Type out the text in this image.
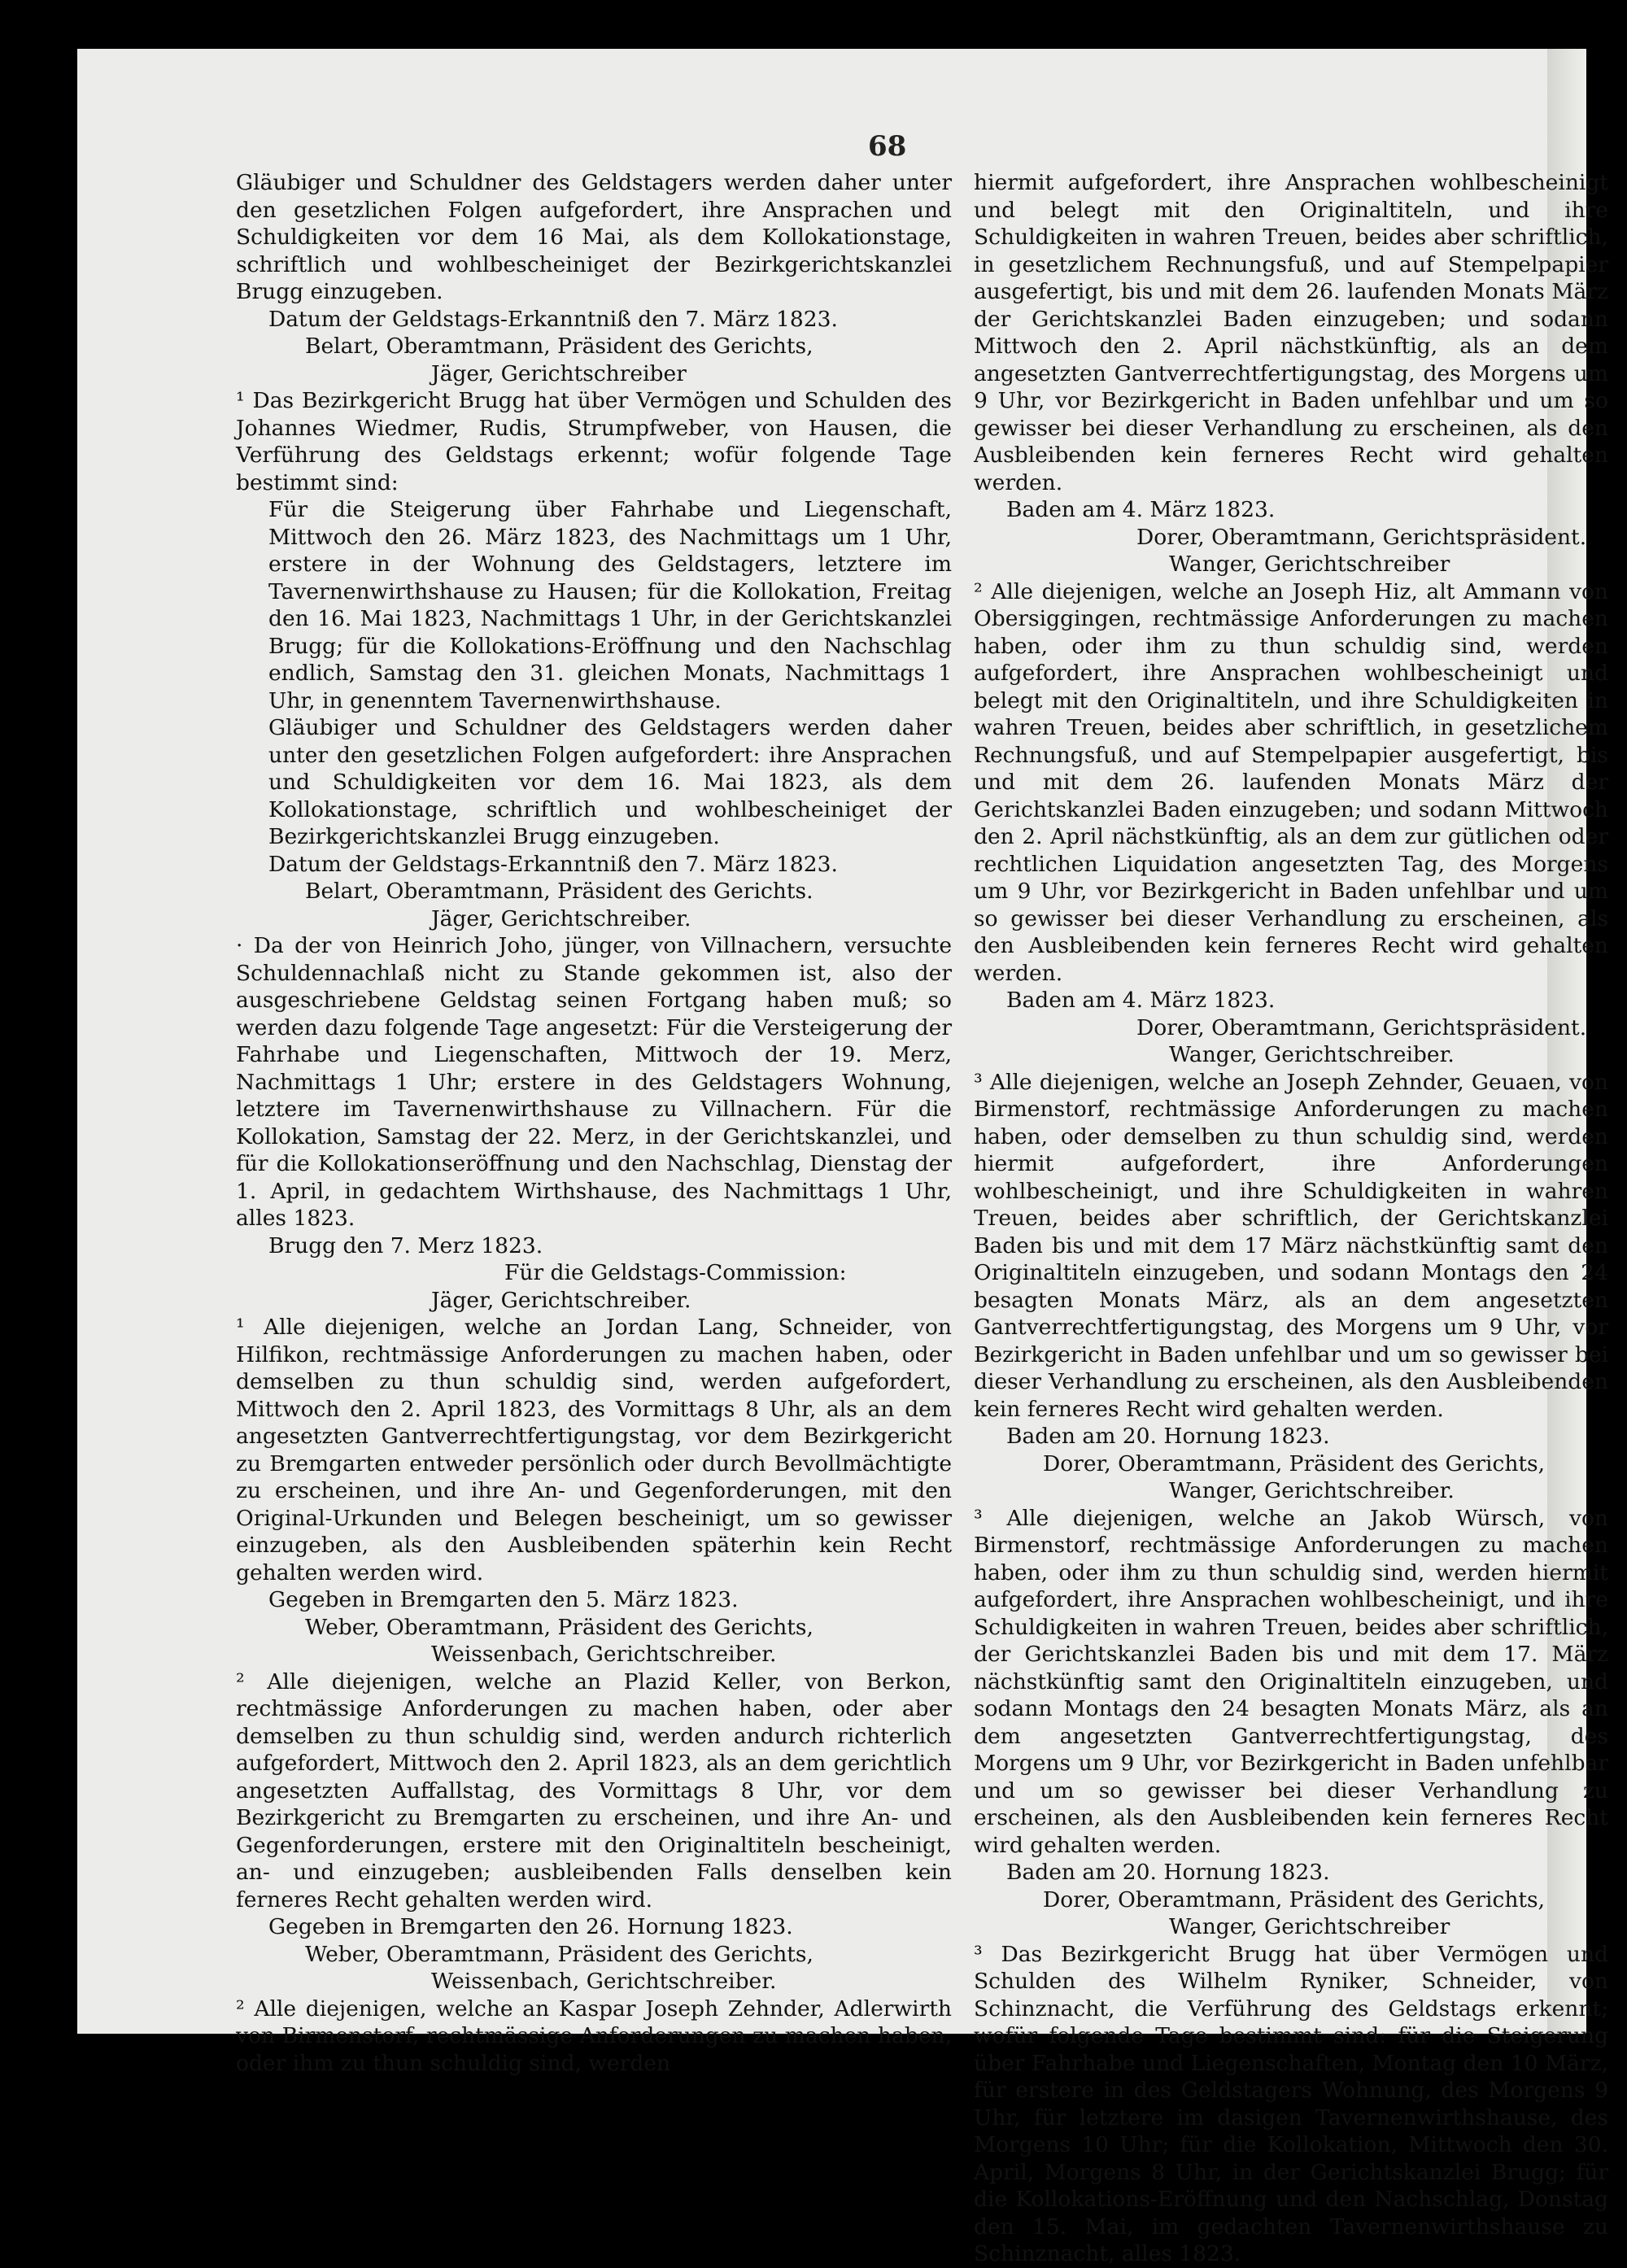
68

Gläubiger und Schuldner des Geldstagers werden daher unter den gesetzlichen Folgen aufgefordert, ihre Ansprachen und Schuldigkeiten vor dem 16 Mai, als dem Kollokationstage, schriftlich und wohlbescheiniget der Bezirkgerichtskanzlei Brugg einzugeben.

Datum der Geldstags-Erkanntniß den 7. März 1823.

Belart, Oberamtmann, Präsident des Gerichts,

Jäger, Gerichtschreiber

¹ Das Bezirkgericht Brugg hat über Vermögen und Schulden des Johannes Wiedmer, Rudis, Strumpfweber, von Hausen, die Verführung des Geldstags erkennt; wofür folgende Tage bestimmt sind:

Für die Steigerung über Fahrhabe und Liegenschaft, Mittwoch den 26. März 1823, des Nachmittags um 1 Uhr, erstere in der Wohnung des Geldstagers, letztere im Tavernenwirthshause zu Hausen; für die Kollokation, Freitag den 16. Mai 1823, Nachmittags 1 Uhr, in der Gerichtskanzlei Brugg; für die Kollokations-Eröffnung und den Nachschlag endlich, Samstag den 31. gleichen Monats, Nachmittags 1 Uhr, in genenntem Tavernenwirthshause.

Gläubiger und Schuldner des Geldstagers werden daher unter den gesetzlichen Folgen aufgefordert: ihre Ansprachen und Schuldigkeiten vor dem 16. Mai 1823, als dem Kollokationstage, schriftlich und wohlbescheiniget der Bezirkgerichtskanzlei Brugg einzugeben.

Datum der Geldstags-Erkanntniß den 7. März 1823.

Belart, Oberamtmann, Präsident des Gerichts.

Jäger, Gerichtschreiber.

· Da der von Heinrich Joho, jünger, von Villnachern, versuchte Schuldennachlaß nicht zu Stande gekommen ist, also der ausgeschriebene Geldstag seinen Fortgang haben muß; so werden dazu folgende Tage angesetzt: Für die Versteigerung der Fahrhabe und Liegenschaften, Mittwoch der 19. Merz, Nachmittags 1 Uhr; erstere in des Geldstagers Wohnung, letztere im Tavernenwirthshause zu Villnachern. Für die Kollokation, Samstag der 22. Merz, in der Gerichtskanzlei, und für die Kollokationseröffnung und den Nachschlag, Dienstag der 1. April, in gedachtem Wirthshause, des Nachmittags 1 Uhr, alles 1823.

Brugg den 7. Merz 1823.

Für die Geldstags-Commission:

Jäger, Gerichtschreiber.

¹ Alle diejenigen, welche an Jordan Lang, Schneider, von Hilfikon, rechtmässige Anforderungen zu machen haben, oder demselben zu thun schuldig sind, werden aufgefordert, Mittwoch den 2. April 1823, des Vormittags 8 Uhr, als an dem angesetzten Gantverrechtfertigungstag, vor dem Bezirkgericht zu Bremgarten entweder persönlich oder durch Bevollmächtigte zu erscheinen, und ihre An- und Gegenforderungen, mit den Original-Urkunden und Belegen bescheinigt, um so gewisser einzugeben, als den Ausbleibenden späterhin kein Recht gehalten werden wird.

Gegeben in Bremgarten den 5. März 1823.

Weber, Oberamtmann, Präsident des Gerichts,

Weissenbach, Gerichtschreiber.

² Alle diejenigen, welche an Plazid Keller, von Berkon, rechtmässige Anforderungen zu machen haben, oder aber demselben zu thun schuldig sind, werden andurch richterlich aufgefordert, Mittwoch den 2. April 1823, als an dem gerichtlich angesetzten Auffallstag, des Vormittags 8 Uhr, vor dem Bezirkgericht zu Bremgarten zu erscheinen, und ihre An- und Gegenforderungen, erstere mit den Originaltiteln bescheinigt, an- und einzugeben; ausbleibenden Falls denselben kein ferneres Recht gehalten werden wird.

Gegeben in Bremgarten den 26. Hornung 1823.

Weber, Oberamtmann, Präsident des Gerichts,

Weissenbach, Gerichtschreiber.

² Alle diejenigen, welche an Kaspar Joseph Zehnder, Adlerwirth von Birmenstorf, rechtmässige Anforderungen zu machen haben, oder ihm zu thun schuldig sind, werden

hiermit aufgefordert, ihre Ansprachen wohlbescheinigt und belegt mit den Originaltiteln, und ihre Schuldigkeiten in wahren Treuen, beides aber schriftlich, in gesetzlichem Rechnungsfuß, und auf Stempelpapier ausgefertigt, bis und mit dem 26. laufenden Monats März der Gerichtskanzlei Baden einzugeben; und sodann Mittwoch den 2. April nächstkünftig, als an dem angesetzten Gantverrechtfertigungstag, des Morgens um 9 Uhr, vor Bezirkgericht in Baden unfehlbar und um so gewisser bei dieser Verhandlung zu erscheinen, als den Ausbleibenden kein ferneres Recht wird gehalten werden.

Baden am 4. März 1823.

Dorer, Oberamtmann, Gerichtspräsident.

Wanger, Gerichtschreiber

² Alle diejenigen, welche an Joseph Hiz, alt Ammann von Obersiggingen, rechtmässige Anforderungen zu machen haben, oder ihm zu thun schuldig sind, werden aufgefordert, ihre Ansprachen wohlbescheinigt und belegt mit den Originaltiteln, und ihre Schuldigkeiten in wahren Treuen, beides aber schriftlich, in gesetzlichem Rechnungsfuß, und auf Stempelpapier ausgefertigt, bis und mit dem 26. laufenden Monats März der Gerichtskanzlei Baden einzugeben; und sodann Mittwoch den 2. April nächstkünftig, als an dem zur gütlichen oder rechtlichen Liquidation angesetzten Tag, des Morgens um 9 Uhr, vor Bezirkgericht in Baden unfehlbar und um so gewisser bei dieser Verhandlung zu erscheinen, als den Ausbleibenden kein ferneres Recht wird gehalten werden.

Baden am 4. März 1823.

Dorer, Oberamtmann, Gerichtspräsident.

Wanger, Gerichtschreiber.

³ Alle diejenigen, welche an Joseph Zehnder, Geuaen, von Birmenstorf, rechtmässige Anforderungen zu machen haben, oder demselben zu thun schuldig sind, werden hiermit aufgefordert, ihre Anforderungen wohlbescheinigt, und ihre Schuldigkeiten in wahren Treuen, beides aber schriftlich, der Gerichtskanzlei Baden bis und mit dem 17 März nächstkünftig samt den Originaltiteln einzugeben, und sodann Montags den 24 besagten Monats März, als an dem angesetzten Gantverrechtfertigungstag, des Morgens um 9 Uhr, vor Bezirkgericht in Baden unfehlbar und um so gewisser bei dieser Verhandlung zu erscheinen, als den Ausbleibenden kein ferneres Recht wird gehalten werden.

Baden am 20. Hornung 1823.

Dorer, Oberamtmann, Präsident des Gerichts,

Wanger, Gerichtschreiber.

³ Alle diejenigen, welche an Jakob Würsch, von Birmenstorf, rechtmässige Anforderungen zu machen haben, oder ihm zu thun schuldig sind, werden hiermit aufgefordert, ihre Ansprachen wohlbescheinigt, und ihre Schuldigkeiten in wahren Treuen, beides aber schriftlich, der Gerichtskanzlei Baden bis und mit dem 17. März nächstkünftig samt den Originaltiteln einzugeben, und sodann Montags den 24 besagten Monats März, als an dem angesetzten Gantverrechtfertigungstag, des Morgens um 9 Uhr, vor Bezirkgericht in Baden unfehlbar und um so gewisser bei dieser Verhandlung zu erscheinen, als den Ausbleibenden kein ferneres Recht wird gehalten werden.

Baden am 20. Hornung 1823.

Dorer, Oberamtmann, Präsident des Gerichts,

Wanger, Gerichtschreiber

³ Das Bezirkgericht Brugg hat über Vermögen und Schulden des Wilhelm Ryniker, Schneider, von Schinznacht, die Verführung des Geldstags erkennt; wofür folgende Tage bestimmt sind: für die Steigerung über Fahrhabe und Liegenschaften, Montag den 10 März, für erstere in des Geldstagers Wohnung, des Morgens 9 Uhr, für letztere im dasigen Tavernenwirthshause, des Morgens 10 Uhr; für die Kollokation, Mittwoch den 30. April, Morgens 8 Uhr, in der Gerichtskanzlei Brugg; für die Kollokations-Eröffnung und den Nachschlag, Donstag den 15. Mai, im gedachten Tavernenwirthshause zu Schinznacht, alles 1823.
